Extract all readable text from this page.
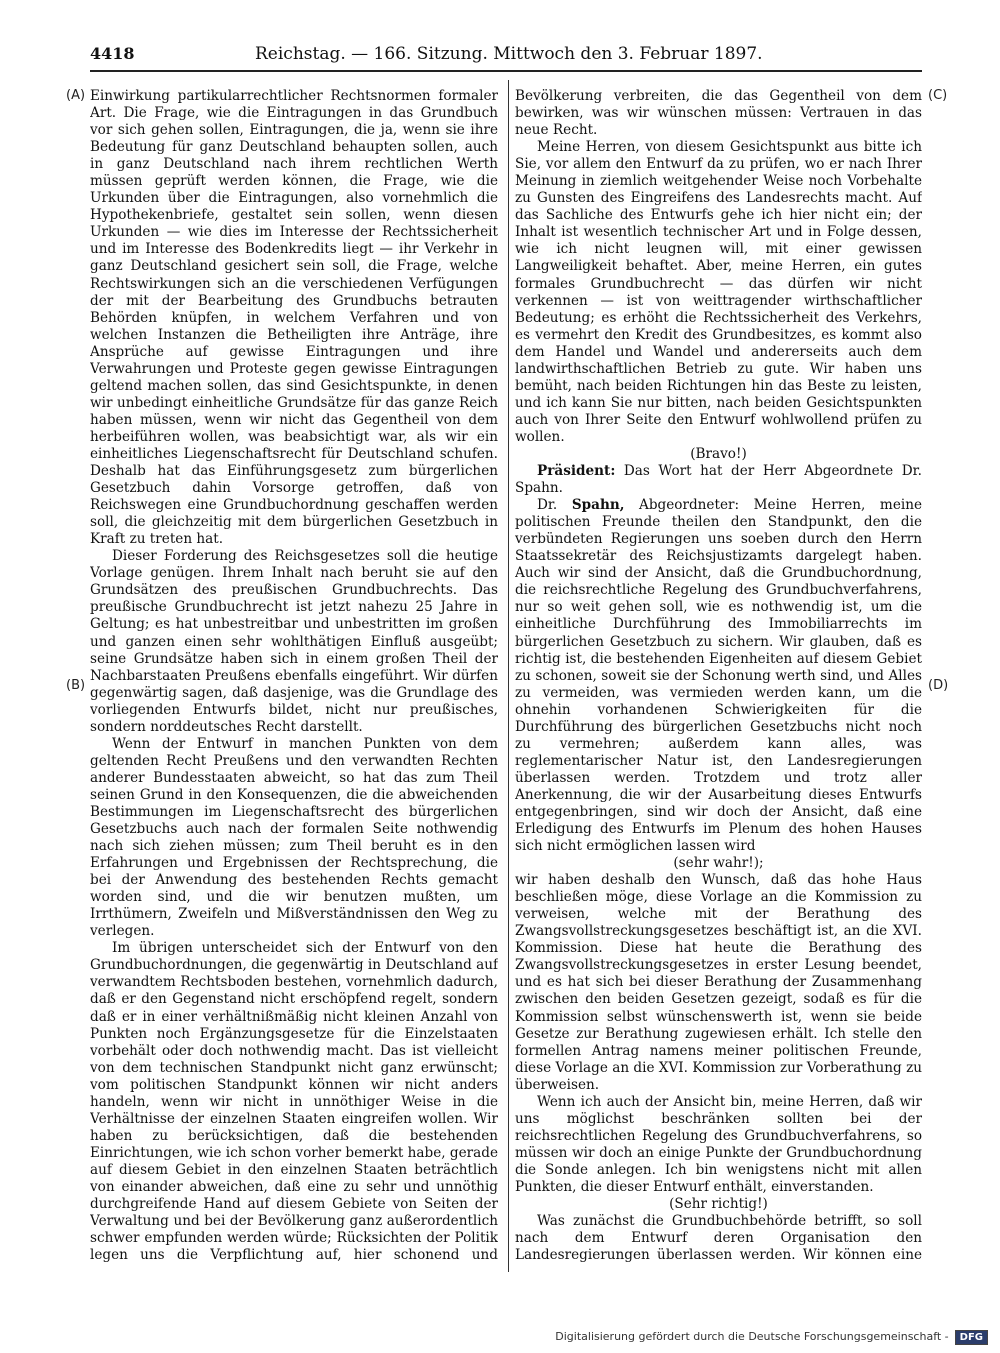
4418	Reichstag. — 166. Sitzung. Mittwoch den 3. Februar 1897.
(A)
(B)
(C)
(D)

Einwirkung partikularrechtlicher Rechtsnormen formaler Art. Die Frage, wie die Eintragungen in das Grundbuch vor sich gehen sollen, Eintragungen, die ja, wenn sie ihre Bedeutung für ganz Deutschland behaupten sollen, auch in ganz Deutschland nach ihrem rechtlichen Werth müssen geprüft werden können, die Frage, wie die Urkunden über die Eintragungen, also vornehmlich die Hypothekenbriefe, gestaltet sein sollen, wenn diesen Urkunden — wie dies im Interesse der Rechtssicherheit und im Interesse des Bodenkredits liegt — ihr Verkehr in ganz Deutschland gesichert sein soll, die Frage, welche Rechtswirkungen sich an die verschiedenen Verfügungen der mit der Bearbeitung des Grundbuchs betrauten Behörden knüpfen, in welchem Verfahren und von welchen Instanzen die Betheiligten ihre Anträge, ihre Ansprüche auf gewisse Eintragungen und ihre Verwahrungen und Proteste gegen gewisse Eintragungen geltend machen sollen, das sind Gesichtspunkte, in denen wir unbedingt einheitliche Grundsätze für das ganze Reich haben müssen, wenn wir nicht das Gegentheil von dem herbeiführen wollen, was beabsichtigt war, als wir ein einheitliches Liegenschaftsrecht für Deutschland schufen. Deshalb hat das Einführungsgesetz zum bürgerlichen Gesetzbuch dahin Vorsorge getroffen, daß von Reichswegen eine Grundbuchordnung geschaffen werden soll, die gleichzeitig mit dem bürgerlichen Gesetzbuch in Kraft zu treten hat.

Dieser Forderung des Reichsgesetzes soll die heutige Vorlage genügen. Ihrem Inhalt nach beruht sie auf den Grundsätzen des preußischen Grundbuchrechts. Das preußische Grundbuchrecht ist jetzt nahezu 25 Jahre in Geltung; es hat unbestreitbar und unbestritten im großen und ganzen einen sehr wohlthätigen Einfluß ausgeübt; seine Grundsätze haben sich in einem großen Theil der Nachbarstaaten Preußens ebenfalls eingeführt. Wir dürfen gegenwärtig sagen, daß dasjenige, was die Grundlage des vorliegenden Entwurfs bildet, nicht nur preußisches, sondern norddeutsches Recht darstellt.

Wenn der Entwurf in manchen Punkten von dem geltenden Recht Preußens und den verwandten Rechten anderer Bundesstaaten abweicht, so hat das zum Theil seinen Grund in den Konsequenzen, die die abweichenden Bestimmungen im Liegenschaftsrecht des bürgerlichen Gesetzbuchs auch nach der formalen Seite nothwendig nach sich ziehen müssen; zum Theil beruht es in den Erfahrungen und Ergebnissen der Rechtsprechung, die bei der Anwendung des bestehenden Rechts gemacht worden sind, und die wir benutzen mußten, um Irrthümern, Zweifeln und Mißverständnissen den Weg zu verlegen.

Im übrigen unterscheidet sich der Entwurf von den Grundbuchordnungen, die gegenwärtig in Deutschland auf verwandtem Rechtsboden bestehen, vornehmlich dadurch, daß er den Gegenstand nicht erschöpfend regelt, sondern daß er in einer verhältnißmäßig nicht kleinen Anzahl von Punkten noch Ergänzungsgesetze für die Einzelstaaten vorbehält oder doch nothwendig macht. Das ist vielleicht von dem technischen Standpunkt nicht ganz erwünscht; vom politischen Standpunkt können wir nicht anders handeln, wenn wir nicht in unnöthiger Weise in die Verhältnisse der einzelnen Staaten eingreifen wollen. Wir haben zu berücksichtigen, daß die bestehenden Einrichtungen, wie ich schon vorher bemerkt habe, gerade auf diesem Gebiet in den einzelnen Staaten beträchtlich von einander abweichen, daß eine zu sehr und unnöthig durchgreifende Hand auf diesem Gebiete von Seiten der Verwaltung und bei der Bevölkerung ganz außerordentlich schwer empfunden werden würde; Rücksichten der Politik legen uns die Verpflichtung auf, hier schonend und

Bevölkerung verbreiten, die das Gegentheil von dem bewirken, was wir wünschen müssen: Vertrauen in das neue Recht.

Meine Herren, von diesem Gesichtspunkt aus bitte ich Sie, vor allem den Entwurf da zu prüfen, wo er nach Ihrer Meinung in ziemlich weitgehender Weise noch Vorbehalte zu Gunsten des Eingreifens des Landesrechts macht. Auf das Sachliche des Entwurfs gehe ich hier nicht ein; der Inhalt ist wesentlich technischer Art und in Folge dessen, wie ich nicht leugnen will, mit einer gewissen Langweiligkeit behaftet. Aber, meine Herren, ein gutes formales Grundbuchrecht — das dürfen wir nicht verkennen — ist von weittragender wirthschaftlicher Bedeutung; es erhöht die Rechtssicherheit des Verkehrs, es vermehrt den Kredit des Grundbesitzes, es kommt also dem Handel und Wandel und andererseits auch dem landwirthschaftlichen Betrieb zu gute. Wir haben uns bemüht, nach beiden Richtungen hin das Beste zu leisten, und ich kann Sie nur bitten, nach beiden Gesichtspunkten auch von Ihrer Seite den Entwurf wohlwollend prüfen zu wollen.

(Bravo!)

Präsident: Das Wort hat der Herr Abgeordnete Dr. Spahn.

Dr. Spahn, Abgeordneter: Meine Herren, meine politischen Freunde theilen den Standpunkt, den die verbündeten Regierungen uns soeben durch den Herrn Staatssekretär des Reichsjustizamts dargelegt haben. Auch wir sind der Ansicht, daß die Grundbuchordnung, die reichsrechtliche Regelung des Grundbuchverfahrens, nur so weit gehen soll, wie es nothwendig ist, um die einheitliche Durchführung des Immobiliarrechts im bürgerlichen Gesetzbuch zu sichern. Wir glauben, daß es richtig ist, die bestehenden Eigenheiten auf diesem Gebiet zu schonen, soweit sie der Schonung werth sind, und Alles zu vermeiden, was vermieden werden kann, um die ohnehin vorhandenen Schwierigkeiten für die Durchführung des bürgerlichen Gesetzbuchs nicht noch zu vermehren; außerdem kann alles, was reglementarischer Natur ist, den Landesregierungen überlassen werden. Trotzdem und trotz aller Anerkennung, die wir der Ausarbeitung dieses Entwurfs entgegenbringen, sind wir doch der Ansicht, daß eine Erledigung des Entwurfs im Plenum des hohen Hauses sich nicht ermöglichen lassen wird

(sehr wahr!);

wir haben deshalb den Wunsch, daß das hohe Haus beschließen möge, diese Vorlage an die Kommission zu verweisen, welche mit der Berathung des Zwangsvollstreckungsgesetzes beschäftigt ist, an die XVI. Kommission. Diese hat heute die Berathung des Zwangsvollstreckungsgesetzes in erster Lesung beendet, und es hat sich bei dieser Berathung der Zusammenhang zwischen den beiden Gesetzen gezeigt, sodaß es für die Kommission selbst wünschenswerth ist, wenn sie beide Gesetze zur Berathung zugewiesen erhält. Ich stelle den formellen Antrag namens meiner politischen Freunde, diese Vorlage an die XVI. Kommission zur Vorberathung zu überweisen.

Wenn ich auch der Ansicht bin, meine Herren, daß wir uns möglichst beschränken sollten bei der reichsrechtlichen Regelung des Grundbuchverfahrens, so müssen wir doch an einige Punkte der Grundbuchordnung die Sonde anlegen. Ich bin wenigstens nicht mit allen Punkten, die dieser Entwurf enthält, einverstanden.

(Sehr richtig!)

Was zunächst die Grundbuchbehörde betrifft, so soll nach dem Entwurf deren Organisation den Landesregierungen überlassen werden. Wir können eine

Digitalisierung gefördert durch die Deutsche Forschungsgemeinschaft - DFG
